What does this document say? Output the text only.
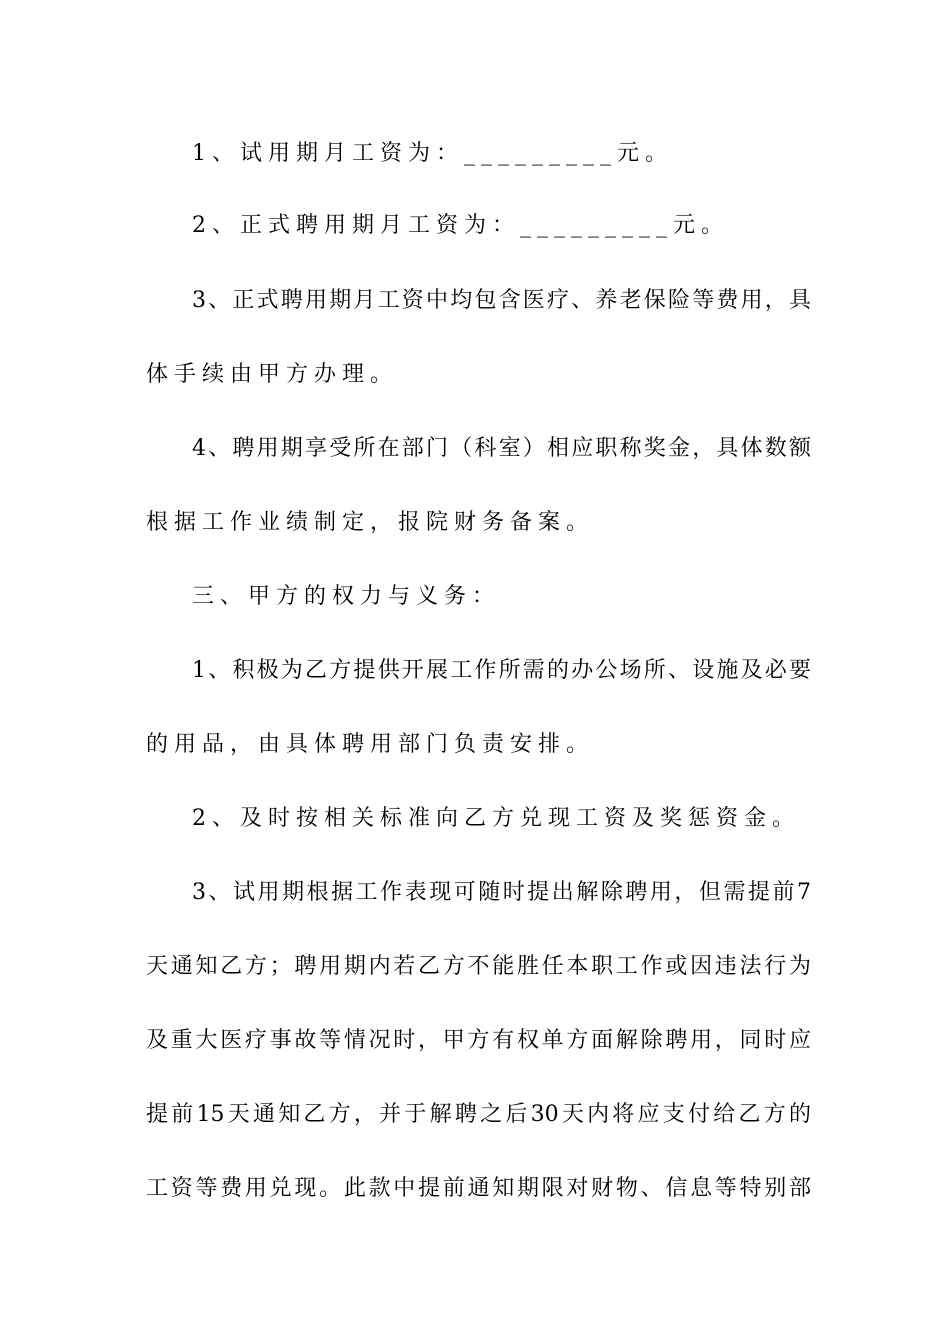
1、试用期月工资为：_________元。
2、正式聘用期月工资为：_________元。
3、正式聘用期月工资中均包含医疗、养老保险等费用，具
体手续由甲方办理。
4、聘用期享受所在部门（科室）相应职称奖金，具体数额
根据工作业绩制定，报院财务备案。
三、甲方的权力与义务：
1、积极为乙方提供开展工作所需的办公场所、设施及必要
的用品，由具体聘用部门负责安排。
2、及时按相关标准向乙方兑现工资及奖惩资金。
3、试用期根据工作表现可随时提出解除聘用，但需提前7
天通知乙方；聘用期内若乙方不能胜任本职工作或因违法行为
及重大医疗事故等情况时，甲方有权单方面解除聘用，同时应
提前15天通知乙方，并于解聘之后30天内将应支付给乙方的
工资等费用兑现。此款中提前通知期限对财物、信息等特别部
